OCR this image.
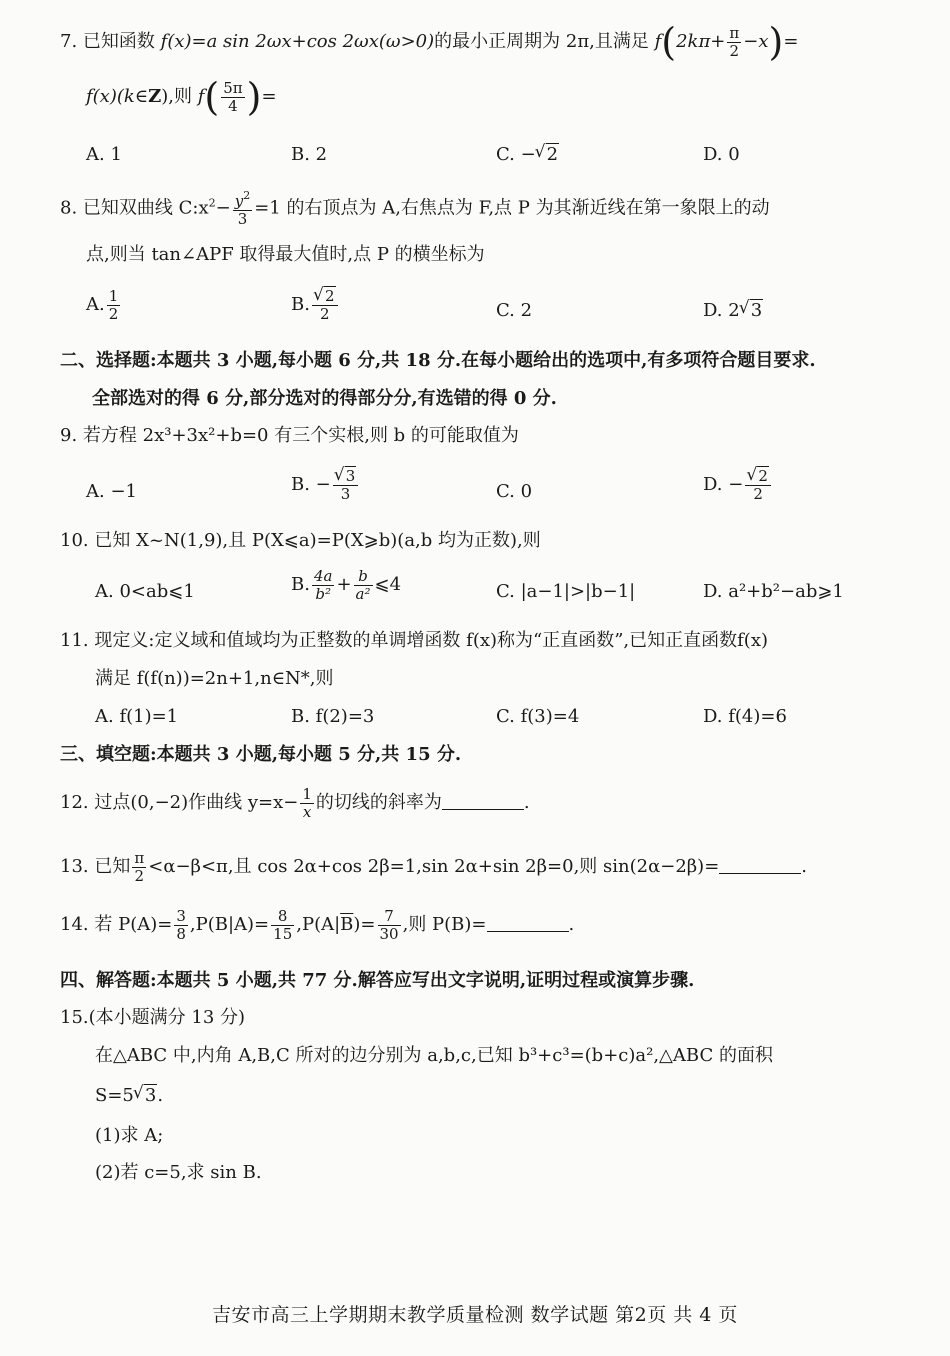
7. 已知函数 f(x)=a sin 2ωx+cos 2ωx(ω>0)的最小正周期为 2π,且满足 $f(2k\pi+ \frac{\pi}{2} -x)=$
f(x)(k∈Z),则 $f( \frac{5\pi}{4}$ )=
A. 1	B. 2	C. − √ 2	D. 0
8. 已知双曲线 $C:x^2- \frac{y^2}{3} =1$ 的右顶点为 A,右焦点为 F,点 P 为其渐近线在第一象限上的动
点,则当 tan∠APF 取得最大值时,点 P 的横坐标为
A. $\frac{1}{2}$	B. √ $\frac{2}{2}$	C. 2	D. 2 √ 3
二、选择题:本题共 3 小题,每小题 6 分,共 18 分.在每小题给出的选项中,有多项符合题目要求.
全部选对的得 6 分,部分选对的得部分分,有选错的得 0 分.
9. 若方程 2x³+3x²+b=0 有三个实根,则 b 的可能取值为
A. −1	B. − √ $\frac{3}{3}$	C. 0	D. − √ $\frac{2}{2}$
10. 已知 X~N(1,9),且 P(X⩽a)=P(X⩾b)(a,b 均为正数),则
A. 0<ab⩽1	B. $\frac{4a}{\text{b²}} + \frac{b}{\text{a²}}$ ⩽4	C. |a−1|>|b−1|	D. a²+b²−ab⩾1
11. 现定义:定义域和值域均为正整数的单调增函数 f(x)称为“正直函数”,已知正直函数f(x)
满足 f(f(n))=2n+1,n∈N*,则
A. f(1)=1	B. f(2)=3	C. f(3)=4	D. f(4)=6
三、填空题:本题共 3 小题,每小题 5 分,共 15 分.
12. 过点(0,−2)作曲线 $y=x- \frac{1}{x}$ 的切线的斜率为	.
13. 已知 $\frac{\pi}{2} <\alpha-\beta<\pi$,且 cos 2α+cos 2β=1,sin 2α+sin 2β=0,则 sin(2α−2β)=	.
14. 若 $P(A)= \frac{3}{8} ,P(B|A)= \frac{8}{15} ,P(A|\overline{B})= \frac{7}{30}$ ,则 P(B)=	.
四、解答题:本题共 5 小题,共 77 分.解答应写出文字说明,证明过程或演算步骤.
15.(本小题满分 13 分)
在△ABC 中,内角 A,B,C 所对的边分别为 a,b,c,已知 b³+c³=(b+c)a²,△ABC 的面积
S=5 √ 3.
(1)求 A;
(2)若 c=5,求 sin B.
吉安市高三上学期期末教学质量检测 数学试题 第2页 共 4 页
